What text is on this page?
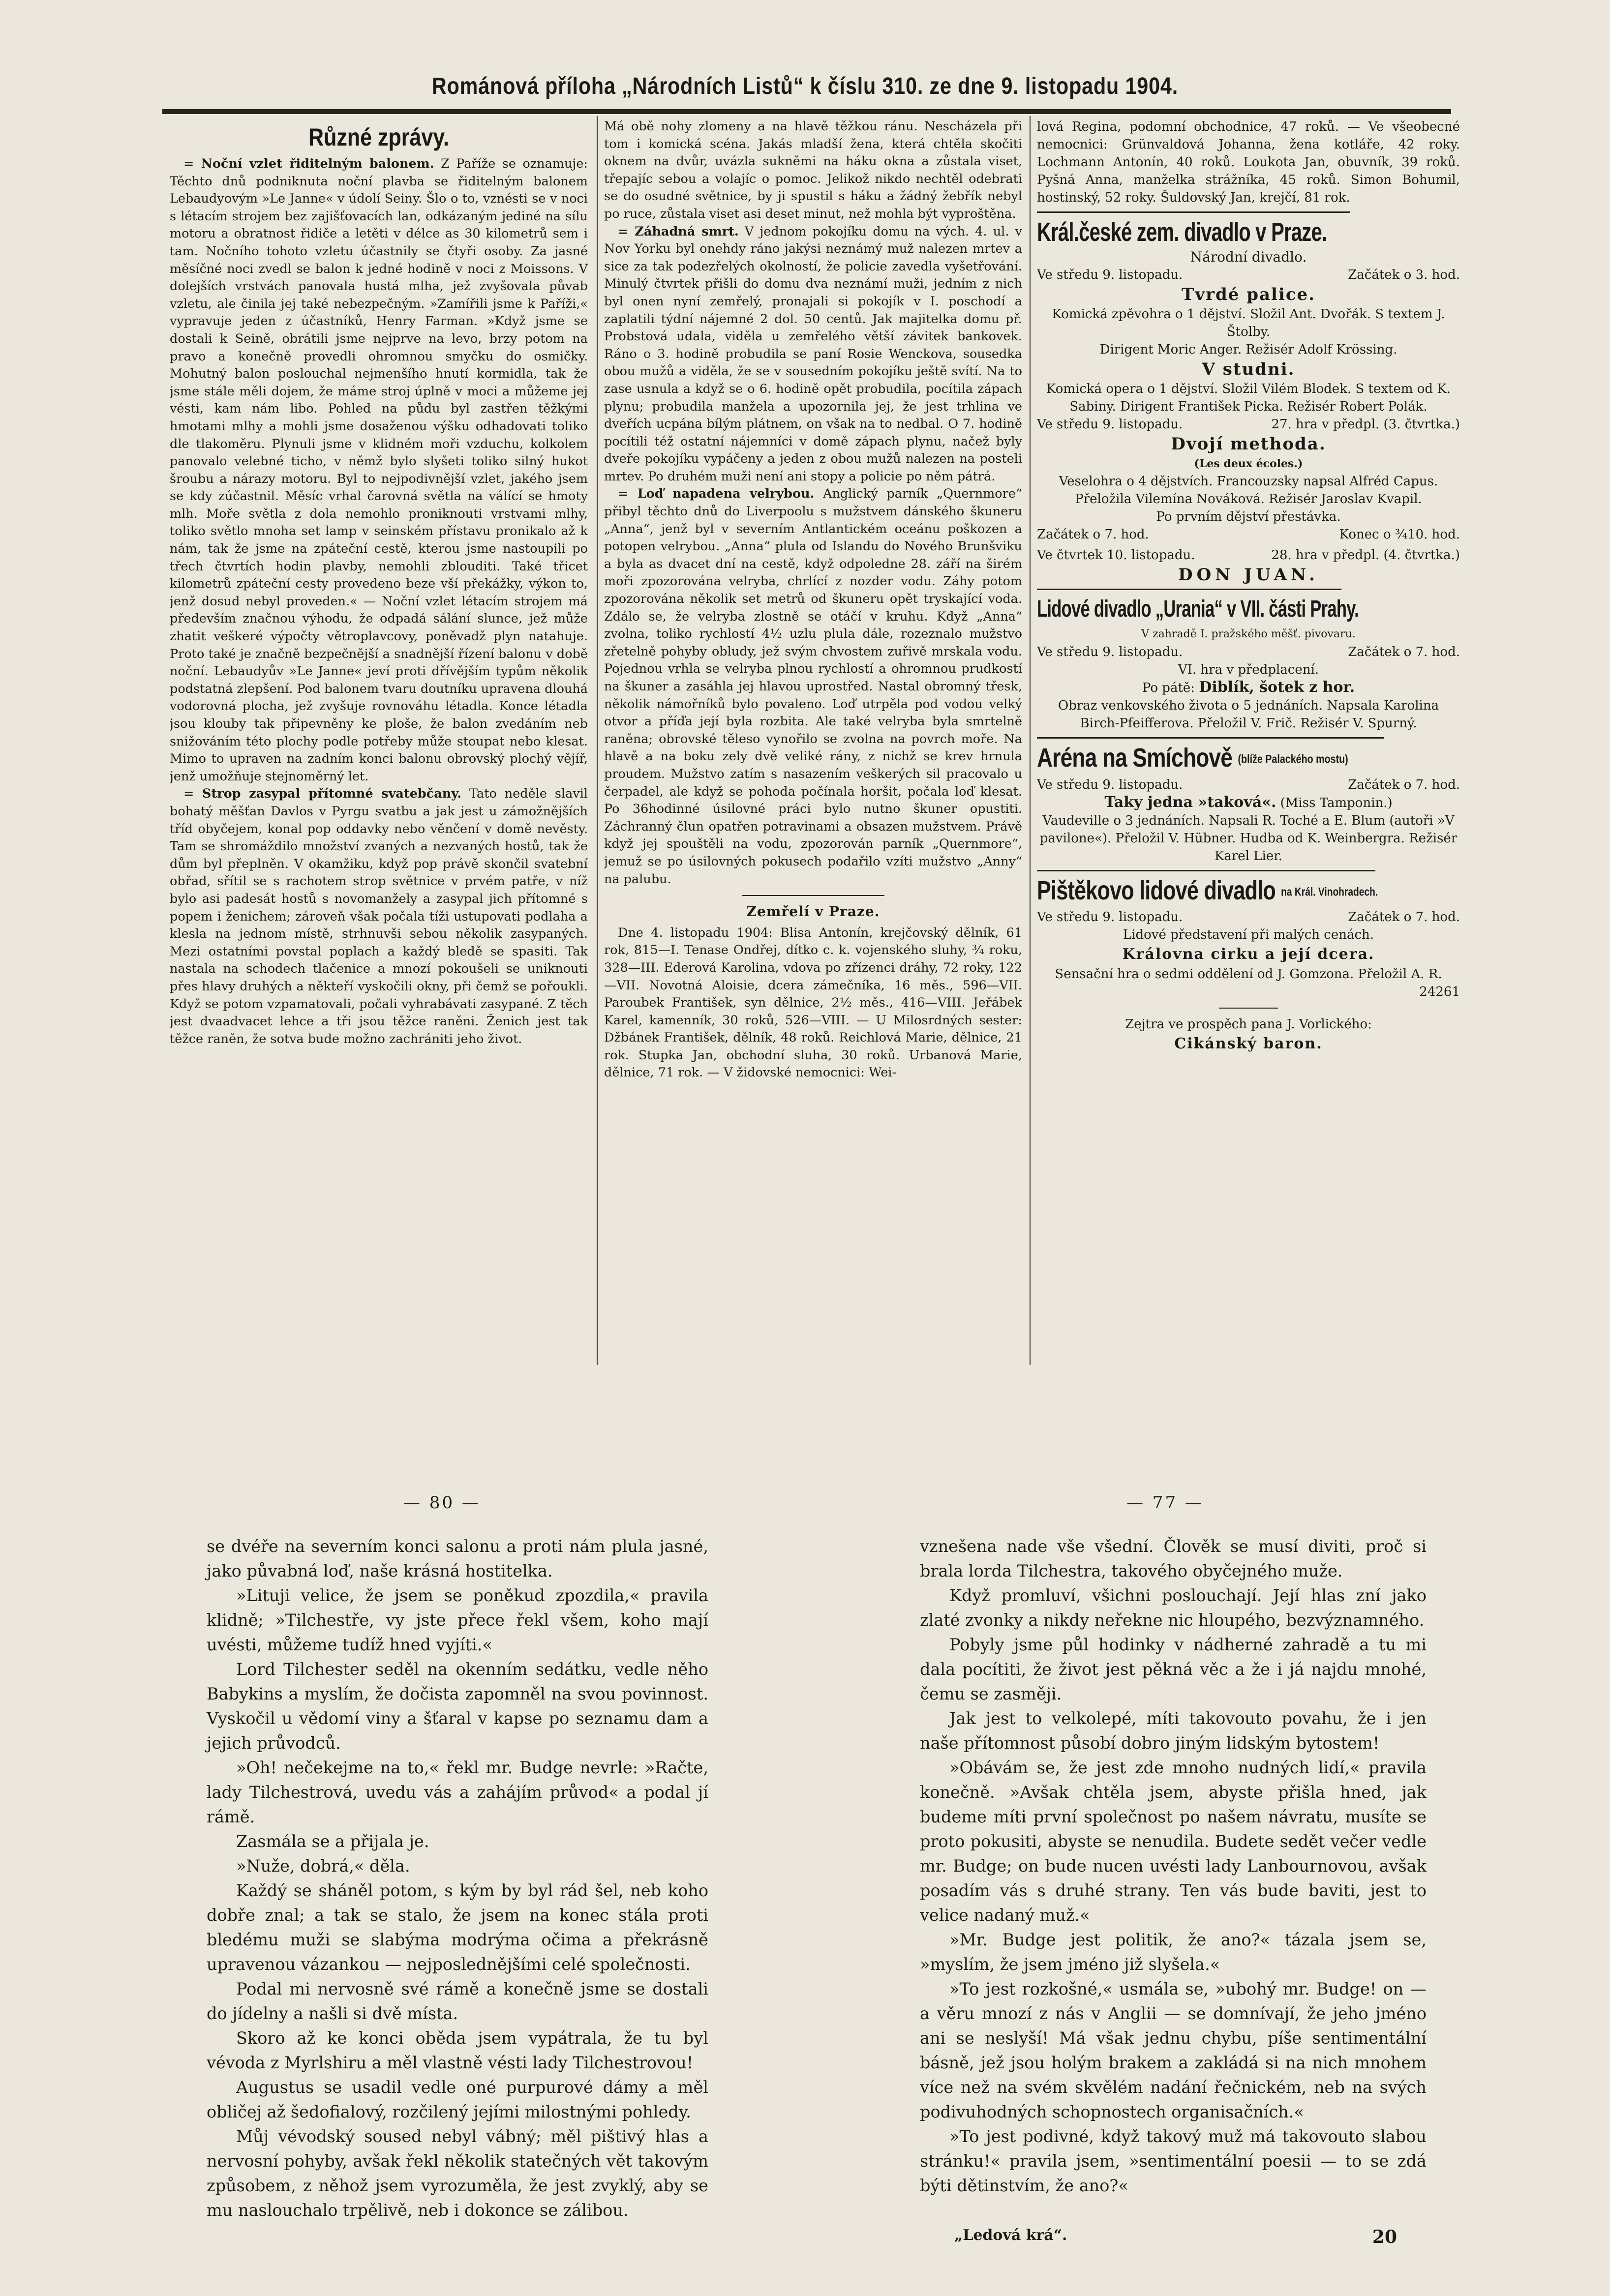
Románová příloha „Národních Listů“ k číslu 310. ze dne 9. listopadu 1904.
Různé zprávy.

= Noční vzlet řiditelným balonem. Z Paříže se oznamuje: Těchto dnů podniknuta noční plavba se řiditelným balonem Lebaudyovým »Le Janne« v údolí Seiny. Šlo o to, vznésti se v noci s létacím strojem bez zajišťovacích lan, odkázaným jediné na sílu motoru a obratnost řidiče a letěti v délce as 30 kilometrů sem i tam. Nočního tohoto vzletu účastnily se čtyři osoby. Za jasné měsíčné noci zvedl se balon k jedné hodině v noci z Moissons. V dolejších vrstvách panovala hustá mlha, jež zvyšovala půvab vzletu, ale činila jej také nebezpečným. »Zamířili jsme k Paříži,« vypravuje jeden z účastníků, Henry Farman. »Když jsme se dostali k Seině, obrátili jsme nejprve na levo, brzy potom na pravo a konečně provedli ohromnou smyčku do osmičky. Mohutný balon poslouchal nejmenšího hnutí kormidla, tak že jsme stále měli dojem, že máme stroj úplně v moci a můžeme jej vésti, kam nám libo. Pohled na půdu byl zastřen těžkými hmotami mlhy a mohli jsme dosaženou výšku odhadovati toliko dle tlakoměru. Plynuli jsme v klidném moři vzduchu, kolkolem panovalo velebné ticho, v němž bylo slyšeti toliko silný hukot šroubu a nárazy motoru. Byl to nejpodivnější vzlet, jakého jsem se kdy zúčastnil. Měsíc vrhal čarovná světla na válící se hmoty mlh. Moře světla z dola nemohlo proniknouti vrstvami mlhy, toliko světlo mnoha set lamp v seinském přístavu pronikalo až k nám, tak že jsme na zpáteční cestě, kterou jsme nastoupili po třech čtvrtích hodin plavby, nemohli zblouditi. Také třicet kilometrů zpáteční cesty provedeno beze vší překážky, výkon to, jenž dosud nebyl proveden.« — Noční vzlet létacím strojem má především značnou výhodu, že odpadá sálání slunce, jež může zhatit veškeré výpočty větroplavcovy, poněvadž plyn natahuje. Proto také je značně bezpečnější a snadnější řízení balonu v době noční. Lebaudyův »Le Janne« jeví proti dřívějším typům několik podstatná zlepšení. Pod balonem tvaru doutníku upravena dlouhá vodorovná plocha, jež zvyšuje rovnováhu létadla. Konce létadla jsou klouby tak připevněny ke ploše, že balon zvedáním neb snižováním této plochy podle potřeby může stoupat nebo klesat. Mimo to upraven na zadním konci balonu obrovský plochý vějíř, jenž umožňuje stejnoměrný let.

= Strop zasypal přítomné svatebčany. Tato neděle slavil bohatý měšťan Davlos v Pyrgu svatbu a jak jest u zámožnějších tříd obyčejem, konal pop oddavky nebo věnčení v domě nevěsty. Tam se shromáždilo množství zvaných a nezvaných hostů, tak že dům byl přeplněn. V okamžiku, když pop právě skončil svatební obřad, sřítil se s rachotem strop světnice v prvém patře, v níž bylo asi padesát hostů s novomanžely a zasypal jich přítomné s popem i ženichem; zároveň však počala tíži ustupovati podlaha a klesla na jednom místě, strhnuvši sebou několik zasypaných. Mezi ostatními povstal poplach a každý bledě se spasiti. Tak nastala na schodech tlačenice a mnozí pokoušeli se uniknouti přes hlavy druhých a někteří vyskočili okny, při čemž se pořoukli. Když se potom vzpamatovali, počali vyhrabávati zasypané. Z těch jest dvaadvacet lehce a tři jsou těžce raněni. Ženich jest tak těžce raněn, že sotva bude možno zachrániti jeho život.

Má obě nohy zlomeny a na hlavě těžkou ránu. Nescházela při tom i komická scéna. Jakás mladší žena, která chtěla skočiti oknem na dvůr, uvázla sukněmi na háku okna a zůstala viset, třepajíc sebou a volajíc o pomoc. Jelikož nikdo nechtěl odebrati se do osudné světnice, by ji spustil s háku a žádný žebřík nebyl po ruce, zůstala viset asi deset minut, než mohla být vyproštěna.

= Záhadná smrt. V jednom pokojíku domu na vých. 4. ul. v Nov Yorku byl onehdy ráno jakýsi neznámý muž nalezen mrtev a sice za tak podezřelých okolností, že policie zavedla vyšetřování. Minulý čtvrtek přišli do domu dva neznámí muži, jedním z nich byl onen nyní zemřelý, pronajali si pokojík v I. poschodí a zaplatili týdní nájemné 2 dol. 50 centů. Jak majitelka domu př. Probstová udala, viděla u zemřelého větší závitek bankovek. Ráno o 3. hodině probudila se paní Rosie Wenckova, sousedka obou mužů a viděla, že se v sousedním pokojíku ještě svítí. Na to zase usnula a když se o 6. hodině opět probudila, pocítila zápach plynu; probudila manžela a upozornila jej, že jest trhlina ve dveřích ucpána bílým plátnem, on však na to nedbal. O 7. hodině pocítili též ostatní nájemníci v domě zápach plynu, načež byly dveře pokojíku vypáčeny a jeden z obou mužů nalezen na posteli mrtev. Po druhém muži není ani stopy a policie po něm pátrá.

= Loď napadena velrybou. Anglický parník „Quernmore“ přibyl těchto dnů do Liverpoolu s mužstvem dánského škuneru „Anna“, jenž byl v severním Antlantickém oceánu poškozen a potopen velrybou. „Anna“ plula od Islandu do Nového Brunšviku a byla as dvacet dní na cestě, když odpoledne 28. září na širém moři zpozorována velryba, chrlící z nozder vodu. Záhy potom zpozorována několik set metrů od škuneru opět tryskající voda. Zdálo se, že velryba zlostně se otáčí v kruhu. Když „Anna“ zvolna, toliko rychlostí 4½ uzlu plula dále, rozeznalo mužstvo zřetelně pohyby obludy, jež svým chvostem zuřivě mrskala vodu. Pojednou vrhla se velryba plnou rychlostí a ohromnou prudkostí na škuner a zasáhla jej hlavou uprostřed. Nastal obromný třesk, několik námořníků bylo povaleno. Loď utrpěla pod vodou velký otvor a příďa její byla rozbita. Ale také velryba byla smrtelně raněna; obrovské těleso vynořilo se zvolna na povrch moře. Na hlavě a na boku zely dvě veliké rány, z nichž se krev hrnula proudem. Mužstvo zatím s nasazením veškerých sil pracovalo u čerpadel, ale když se pohoda počínala horšit, počala loď klesat. Po 36hodinné úsilovné práci bylo nutno škuner opustiti. Záchranný člun opatřen potravinami a obsazen mužstvem. Právě když jej spouštěli na vodu, zpozorován parník „Quernmore“, jemuž se po úsilovných pokusech podařilo vzíti mužstvo „Anny“ na palubu.

Zemřelí v Praze.

Dne 4. listopadu 1904: Blisa Antonín, krejčovský dělník, 61 rok, 815—I. Tenase Ondřej, dítko c. k. vojenského sluhy, ¾ roku, 328—III. Ederová Karolina, vdova po zřízenci dráhy, 72 roky, 122—VII. Novotná Aloisie, dcera zámečníka, 16 měs., 596—VII. Paroubek František, syn dělnice, 2½ měs., 416—VIII. Jeřábek Karel, kamenník, 30 roků, 526—VIII. — U Milosrdných sester: Džbánek František, dělník, 48 roků. Reichlová Marie, dělnice, 21 rok. Stupka Jan, obchodní sluha, 30 roků. Urbanová Marie, dělnice, 71 rok. — V židovské nemocnici: Wei-

lová Regina, podomní obchodnice, 47 roků. — Ve všeobecné nemocnici: Grünvaldová Johanna, žena kotláře, 42 roky. Lochmann Antonín, 40 roků. Loukota Jan, obuvník, 39 roků. Pyšná Anna, manželka strážníka, 45 roků. Simon Bohumil, hostinský, 52 roky. Šuldovský Jan, krejčí, 81 rok.

Král.české zem. divadlo v Praze.
Národní divadlo.
Ve středu 9. listopadu.	Začátek o 3. hod.
Tvrdé palice.
Komická zpěvohra o 1 dějství. Složil Ant. Dvořák. S textem J. Štolby.
Dirigent Moric Anger. Režisér Adolf Krössing.
V studni.
Komická opera o 1 dějství. Složil Vilém Blodek. S textem od K. Sabiny. Dirigent František Picka. Režisér Robert Polák.
Ve středu 9. listopadu.	27. hra v předpl. (3. čtvrtka.)
Dvojí methoda.
(Les deux écoles.)
Veselohra o 4 dějstvích. Francouzsky napsal Alfréd Capus. Přeložila Vilemína Nováková. Režisér Jaroslav Kvapil.
Po prvním dějství přestávka.
Začátek o 7. hod.	Konec o ³⁄₄10. hod.
Ve čtvrtek 10. listopadu.	28. hra v předpl. (4. čtvrtka.)
DON JUAN.
Lidové divadlo „Urania“ v VII. části Prahy.
V zahradě I. pražského měšť. pivovaru.
Ve středu 9. listopadu.	Začátek o 7. hod.
VI. hra v předplacení.
Po pátě: Diblík, šotek z hor.
Obraz venkovského života o 5 jednáních. Napsala Karolina Birch-Pfeifferova. Přeložil V. Frič. Režisér V. Spurný.
Aréna na Smíchově (blíže Palackého mostu)
Ve středu 9. listopadu.	Začátek o 7. hod.
Taky jedna »taková«. (Miss Tamponin.)
Vaudeville o 3 jednáních. Napsali R. Toché a E. Blum (autoři »V pavilone«). Přeložil V. Hübner. Hudba od K. Weinbergra. Režisér Karel Lier.
Pištěkovo lidové divadlo na Král. Vinohradech.
Ve středu 9. listopadu.	Začátek o 7. hod.
Lidové představení při malých cenách.
Královna cirku a její dcera.
Sensační hra o sedmi oddělení od J. Gomzona. Přeložil A. R.
24261
Zejtra ve prospěch pana J. Vorlického:
Cikánský baron.
— 80 —	— 77 —

se dvéře na severním konci salonu a proti nám plula jasné, jako půvabná loď, naše krásná hostitelka.

»Lituji velice, že jsem se poněkud zpozdila,« pravila klidně; »Tilchestře, vy jste přece řekl všem, koho mají uvésti, můžeme tudíž hned vyjíti.«

Lord Tilchester seděl na okenním sedátku, vedle něho Babykins a myslím, že dočista zapomněl na svou povinnost. Vyskočil u vědomí viny a šťaral v kapse po seznamu dam a jejich průvodců.

»Oh! nečekejme na to,« řekl mr. Budge nevrle: »Račte, lady Tilchestrová, uvedu vás a zahájím průvod« a podal jí rámě.

Zasmála se a přijala je.

»Nuže, dobrá,« děla.

Každý se sháněl potom, s kým by byl rád šel, neb koho dobře znal; a tak se stalo, že jsem na konec stála proti bledému muži se slabýma modrýma očima a překrásně upravenou vázankou — nejposlednějšími celé společnosti.

Podal mi nervosně své rámě a konečně jsme se dostali do jídelny a našli si dvě místa.

Skoro až ke konci oběda jsem vypátrala, že tu byl vévoda z Myrlshiru a měl vlastně vésti lady Tilchestrovou!

Augustus se usadil vedle oné purpurové dámy a měl obličej až šedofialový, rozčilený jejími milostnými pohledy.

Můj vévodský soused nebyl vábný; měl pištivý hlas a nervosní pohyby, avšak řekl několik statečných vět takovým způsobem, z něhož jsem vyrozuměla, že jest zvyklý, aby se mu naslouchalo trpělivě, neb i dokonce se zálibou.

vznešena nade vše všední. Člověk se musí diviti, proč si brala lorda Tilchestra, takového obyčejného muže.

Když promluví, všichni poslouchají. Její hlas zní jako zlaté zvonky a nikdy neřekne nic hloupého, bezvýznamného.

Pobyly jsme půl hodinky v nádherné zahradě a tu mi dala pocítiti, že život jest pěkná věc a že i já najdu mnohé, čemu se zasměji.

Jak jest to velkolepé, míti takovouto povahu, že i jen naše přítomnost působí dobro jiným lidským bytostem!

»Obávám se, že jest zde mnoho nudných lidí,« pravila konečně. »Avšak chtěla jsem, abyste přišla hned, jak budeme míti první společnost po našem návratu, musíte se proto pokusiti, abyste se nenudila. Budete sedět večer vedle mr. Budge; on bude nucen uvésti lady Lanbournovou, avšak posadím vás s druhé strany. Ten vás bude baviti, jest to velice nadaný muž.«

»Mr. Budge jest politik, že ano?« tázala jsem se, »myslím, že jsem jméno již slyšela.«

»To jest rozkošné,« usmála se, »ubohý mr. Budge! on — a věru mnozí z nás v Anglii — se domnívají, že jeho jméno ani se neslyší! Má však jednu chybu, píše sentimentální básně, jež jsou holým brakem a zakládá si na nich mnohem více než na svém skvělém nadání řečnickém, neb na svých podivuhodných schopnostech organisačních.«

»To jest podivné, když takový muž má takovouto slabou stránku!« pravila jsem, »sentimentální poesii — to se zdá býti dětinstvím, že ano?«

„Ledová krá“.	20
